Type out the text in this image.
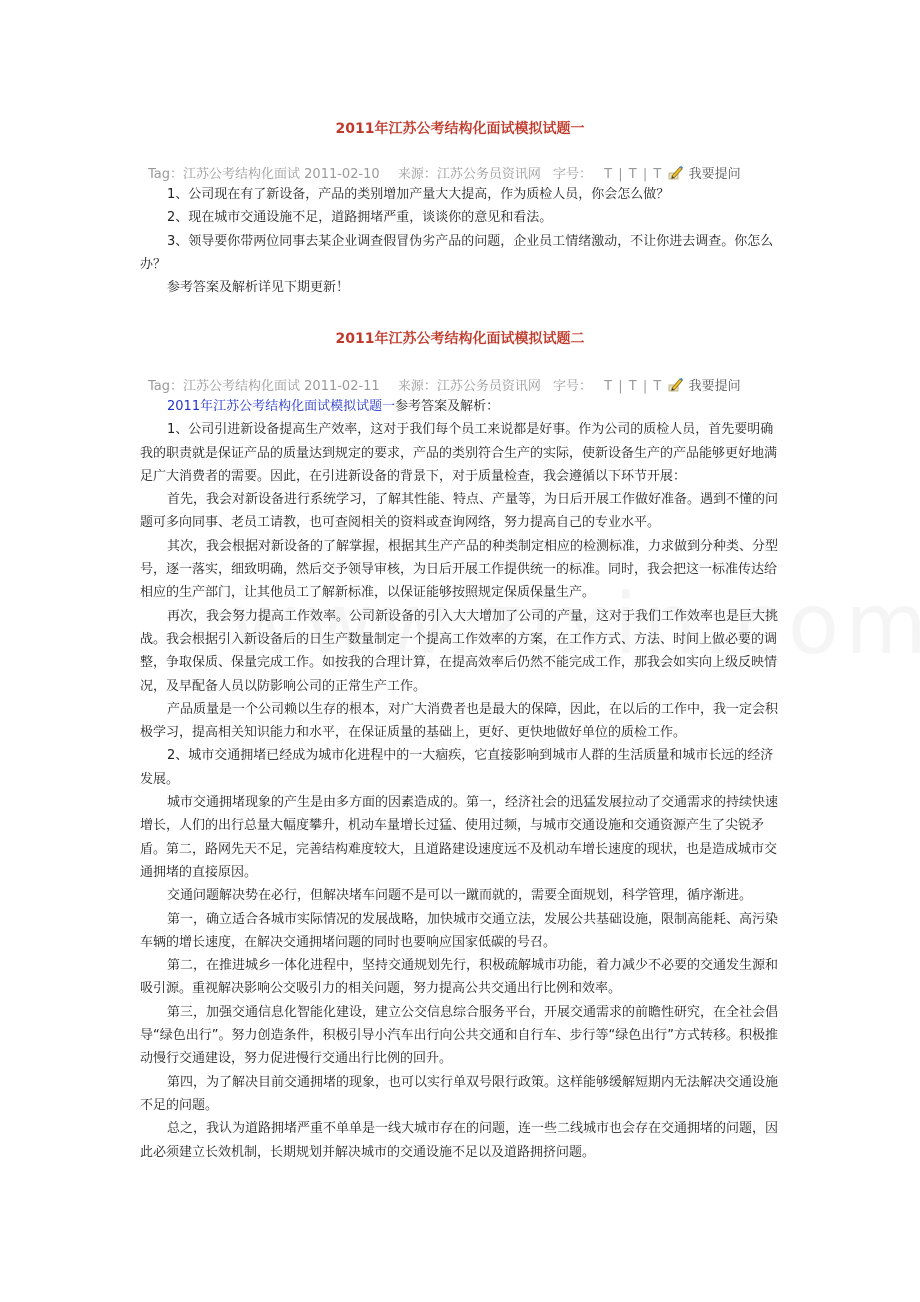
2011年江苏公考结构化面试模拟试题一
Tag：江苏公考结构化面试 2011-02-10 来源：江苏公务员资讯网 字号： T | T | T 我要提问

1、公司现在有了新设备，产品的类别增加产量大大提高，作为质检人员，你会怎么做？

2、现在城市交通设施不足，道路拥堵严重，谈谈你的意见和看法。

3、领导要你带两位同事去某企业调查假冒伪劣产品的问题，企业员工情绪激动，不让你进去调查。你怎么办？

参考答案及解析详见下期更新！

2011年江苏公考结构化面试模拟试题二
Tag：江苏公考结构化面试 2011-02-11 来源：江苏公务员资讯网 字号： T | T | T 我要提问

2011年江苏公考结构化面试模拟试题一参考答案及解析：

1、公司引进新设备提高生产效率，这对于我们每个员工来说都是好事。作为公司的质检人员，首先要明确我的职责就是保证产品的质量达到规定的要求，产品的类别符合生产的实际，使新设备生产的产品能够更好地满足广大消费者的需要。因此，在引进新设备的背景下，对于质量检查，我会遵循以下环节开展：

首先，我会对新设备进行系统学习，了解其性能、特点、产量等，为日后开展工作做好准备。遇到不懂的问题可多向同事、老员工请教，也可查阅相关的资料或查询网络，努力提高自己的专业水平。

其次，我会根据对新设备的了解掌握，根据其生产产品的种类制定相应的检测标准，力求做到分种类、分型号，逐一落实，细致明确，然后交予领导审核，为日后开展工作提供统一的标准。同时，我会把这一标准传达给相应的生产部门，让其他员工了解新标准，以保证能够按照规定保质保量生产。

再次，我会努力提高工作效率。公司新设备的引入大大增加了公司的产量，这对于我们工作效率也是巨大挑战。我会根据引入新设备后的日生产数量制定一个提高工作效率的方案，在工作方式、方法、时间上做必要的调整，争取保质、保量完成工作。如按我的合理计算，在提高效率后仍然不能完成工作，那我会如实向上级反映情况，及早配备人员以防影响公司的正常生产工作。

产品质量是一个公司赖以生存的根本，对广大消费者也是最大的保障，因此，在以后的工作中，我一定会积极学习，提高相关知识能力和水平，在保证质量的基础上，更好、更快地做好单位的质检工作。

2、城市交通拥堵已经成为城市化进程中的一大痼疾，它直接影响到城市人群的生活质量和城市长远的经济发展。

城市交通拥堵现象的产生是由多方面的因素造成的。第一，经济社会的迅猛发展拉动了交通需求的持续快速增长，人们的出行总量大幅度攀升，机动车量增长过猛、使用过频，与城市交通设施和交通资源产生了尖锐矛盾。第二，路网先天不足，完善结构难度较大，且道路建设速度远不及机动车增长速度的现状，也是造成城市交通拥堵的直接原因。

交通问题解决势在必行，但解决堵车问题不是可以一蹴而就的，需要全面规划，科学管理，循序渐进。

第一，确立适合各城市实际情况的发展战略，加快城市交通立法，发展公共基础设施，限制高能耗、高污染车辆的增长速度，在解决交通拥堵问题的同时也要响应国家低碳的号召。

第二，在推进城乡一体化进程中，坚持交通规划先行，积极疏解城市功能，着力减少不必要的交通发生源和吸引源。重视解决影响公交吸引力的相关问题，努力提高公共交通出行比例和效率。

第三，加强交通信息化智能化建设，建立公交信息综合服务平台，开展交通需求的前瞻性研究，在全社会倡导“绿色出行”。努力创造条件，积极引导小汽车出行向公共交通和自行车、步行等“绿色出行”方式转移。积极推动慢行交通建设，努力促进慢行交通出行比例的回升。

第四，为了解决目前交通拥堵的现象，也可以实行单双号限行政策。这样能够缓解短期内无法解决交通设施不足的问题。

总之，我认为道路拥堵严重不单单是一线大城市存在的问题，连一些二线城市也会存在交通拥堵的问题，因此必须建立长效机制，长期规划并解决城市的交通设施不足以及道路拥挤问题。
